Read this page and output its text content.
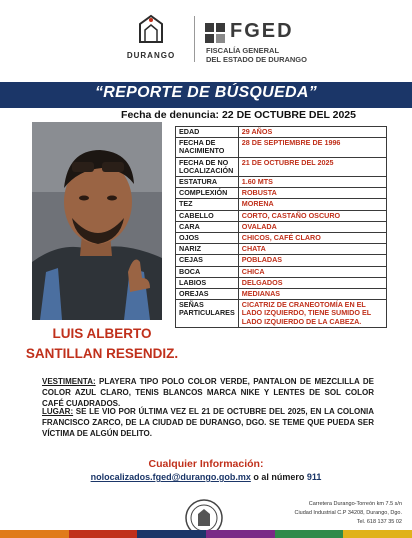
DURANGO
FGED
FISCALÍA GENERAL
DEL ESTADO DE DURANGO
“REPORTE DE BÚSQUEDA”
Fecha de denuncia: 22 DE OCTUBRE DEL 2025
LUIS ALBERTO
SANTILLAN RESENDIZ.
EDAD	29 AÑOS
FECHA DE NACIMIENTO	28 DE SEPTIEMBRE DE 1996
FECHA DE NO LOCALIZACIÓN	21 DE OCTUBRE DEL 2025
ESTATURA	1.60 MTS
COMPLEXIÓN	ROBUSTA
TEZ	MORENA
CABELLO	CORTO, CASTAÑO OSCURO
CARA	OVALADA
OJOS	CHICOS, CAFÉ CLARO
NARIZ	CHATA
CEJAS	POBLADAS
BOCA	CHICA
LABIOS	DELGADOS
OREJAS	MEDIANAS
SEÑAS PARTICULARES	CICATRIZ DE CRANEOTOMÍA EN EL LADO IZQUIERDO, TIENE SUMIDO EL LADO IZQUIERDO DE LA CABEZA.
VESTIMENTA: PLAYERA TIPO POLO COLOR VERDE, PANTALON DE MEZCLILLA DE COLOR AZUL CLARO, TENIS BLANCOS MARCA NIKE Y LENTES DE SOL COLOR CAFÉ CUADRADOS.
LUGAR: SE LE VIO POR ÚLTIMA VEZ EL 21 DE OCTUBRE DEL 2025, EN LA COLONIA FRANCISCO ZARCO, DE LA CIUDAD DE DURANGO, DGO. SE TEME QUE PUEDA SER VÍCTIMA DE ALGÚN DELITO.
Cualquier Información:
nolocalizados.fged@durango.gob.mx o al número 911
Carretera Durango-Torreón km 7.5 s/n
Ciudad Industrial C.P 34208, Durango, Dgo.
Tel. 618 137 35 02
